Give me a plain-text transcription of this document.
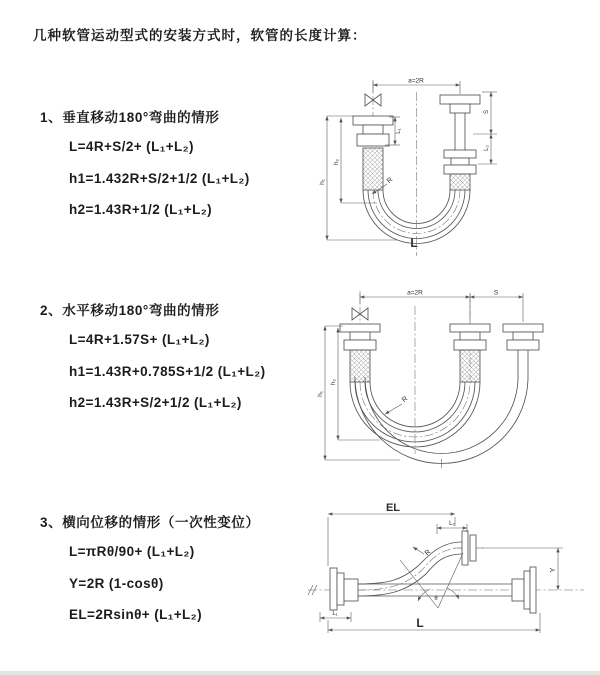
几种软管运动型式的安装方式时，软管的长度计算：
1、垂直移动180°弯曲的情形
L=4R+S/2+ (L₁+L₂)
h1=1.432R+S/2+1/2 (L₁+L₂)
h2=1.43R+1/2 (L₁+L₂)
a=2R
h₁
h₂
S
L₂
L₁
R
L
2、水平移动180°弯曲的情形
L=4R+1.57S+ (L₁+L₂)
h1=1.43R+0.785S+1/2 (L₁+L₂)
h2=1.43R+S/2+1/2 (L₁+L₂)
a=2R	S
h₁
h₂
R
3、横向位移的情形（一次性变位）
L=πRθ/90+ (L₁+L₂)
Y=2R (1-cosθ)
EL=2Rsinθ+ (L₁+L₂)
R
θ
EL
L₂
Y
L₁
L
